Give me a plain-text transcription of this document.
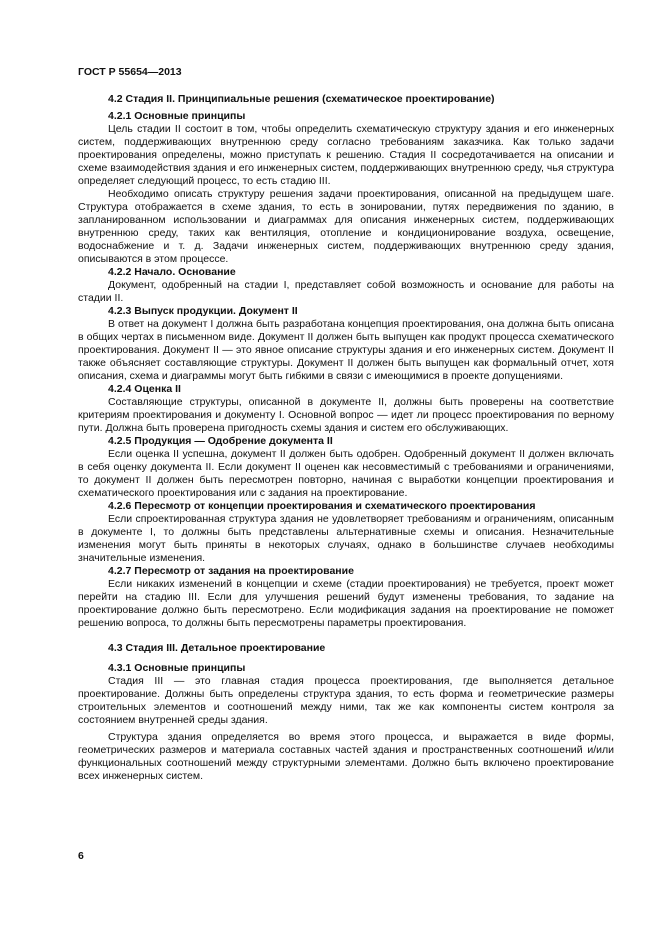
ГОСТ Р 55654—2013
4.2 Стадия II. Принципиальные решения (схематическое проектирование)
4.2.1 Основные принципы

Цель стадии II состоит в том, чтобы определить схематическую структуру здания и его инженерных систем, поддерживающих внутреннюю среду согласно требованиям заказчика. Как только задачи проектирования определены, можно приступать к решению. Стадия II сосредотачивается на описании и схеме взаимодействия здания и его инженерных систем, поддерживающих внутреннюю среду, чья структура определяет следующий процесс, то есть стадию III.

Необходимо описать структуру решения задачи проектирования, описанной на предыдущем шаге. Структура отображается в схеме здания, то есть в зонировании, путях передвижения по зданию, в запланированном использовании и диаграммах для описания инженерных систем, поддерживающих внутреннюю среду, таких как вентиляция, отопление и кондиционирование воздуха, освещение, водоснабжение и т. д. Задачи инженерных систем, поддерживающих внутреннюю среду здания, описываются в этом процессе.

4.2.2 Начало. Основание

Документ, одобренный на стадии I, представляет собой возможность и основание для работы на стадии II.

4.2.3 Выпуск продукции. Документ II

В ответ на документ I должна быть разработана концепция проектирования, она должна быть описана в общих чертах в письменном виде. Документ II должен быть выпущен как продукт процесса схематического проектирования. Документ II — это явное описание структуры здания и его инженерных систем. Документ II также объясняет составляющие структуры. Документ II должен быть выпущен как формальный отчет, хотя описания, схема и диаграммы могут быть гибкими в связи с имеющимися в проекте допущениями.

4.2.4 Оценка II

Составляющие структуры, описанной в документе II, должны быть проверены на соответствие критериям проектирования и документу I. Основной вопрос — идет ли процесс проектирования по верному пути. Должна быть проверена пригодность схемы здания и систем его обслуживающих.

4.2.5 Продукция — Одобрение документа II

Если оценка II успешна, документ II должен быть одобрен. Одобренный документ II должен включать в себя оценку документа II. Если документ II оценен как несовместимый с требованиями и ограничениями, то документ II должен быть пересмотрен повторно, начиная с выработки концепции проектирования и схематического проектирования или с задания на проектирование.

4.2.6 Пересмотр от концепции проектирования и схематического проектирования

Если спроектированная структура здания не удовлетворяет требованиям и ограничениям, описанным в документе I, то должны быть представлены альтернативные схемы и описания. Незначительные изменения могут быть приняты в некоторых случаях, однако в большинстве случаев необходимы значительные изменения.

4.2.7 Пересмотр от задания на проектирование

Если никаких изменений в концепции и схеме (стадии проектирования) не требуется, проект может перейти на стадию III. Если для улучшения решений будут изменены требования, то задание на проектирование должно быть пересмотрено. Если модификация задания на проектирование не поможет решению вопроса, то должны быть пересмотрены параметры проектирования.

4.3 Стадия III. Детальное проектирование
4.3.1 Основные принципы

Стадия III — это главная стадия процесса проектирования, где выполняется детальное проектирование. Должны быть определены структура здания, то есть форма и геометрические размеры строительных элементов и соотношений между ними, так же как компоненты систем контроля за состоянием внутренней среды здания.

Структура здания определяется во время этого процесса, и выражается в виде формы, геометрических размеров и материала составных частей здания и пространственных соотношений и/или функциональных соотношений между структурными элементами. Должно быть включено проектирование всех инженерных систем.

6
